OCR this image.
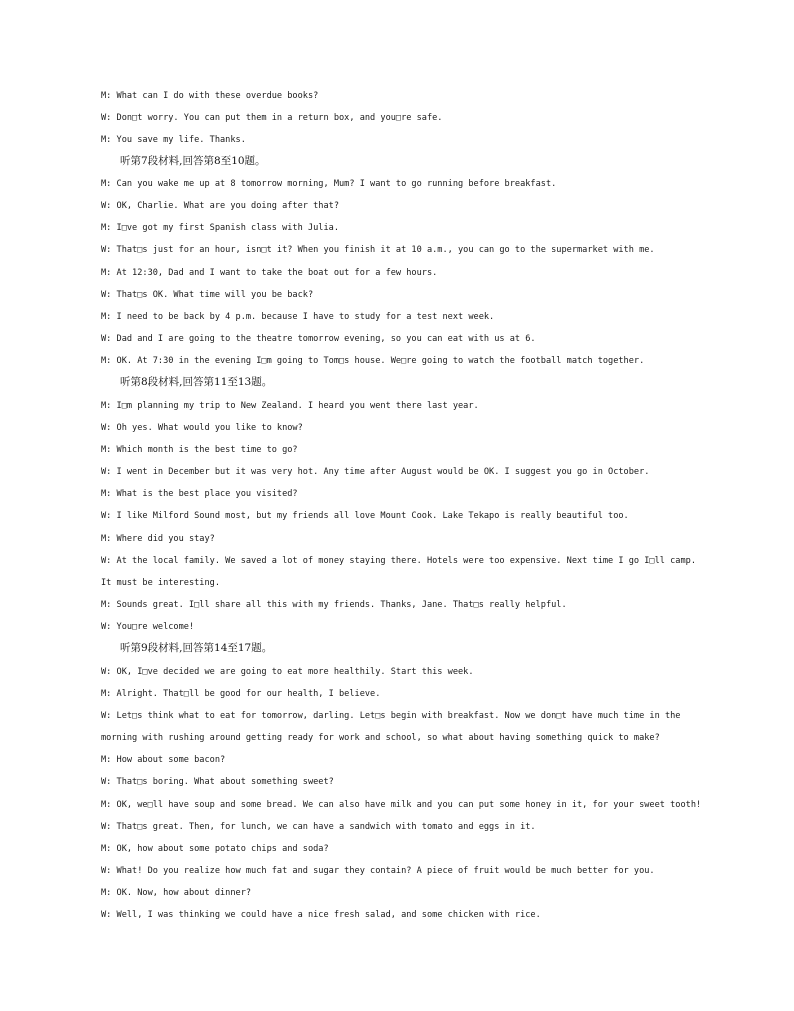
M: What can I do with these overdue books?
W: Don□t worry. You can put them in a return box, and you□re safe.
M: You save my life. Thanks.
听第7段材料,回答第8至10题。
M: Can you wake me up at 8 tomorrow morning, Mum? I want to go running before breakfast.
W: OK, Charlie. What are you doing after that?
M: I□ve got my first Spanish class with Julia.
W: That□s just for an hour, isn□t it? When you finish it at 10 a.m., you can go to the supermarket with me.
M: At 12:30, Dad and I want to take the boat out for a few hours.
W: That□s OK. What time will you be back?
M: I need to be back by 4 p.m. because I have to study for a test next week.
W: Dad and I are going to the theatre tomorrow evening, so you can eat with us at 6.
M: OK. At 7:30 in the evening I□m going to Tom□s house. We□re going to watch the football match together.
听第8段材料,回答第11至13题。
M: I□m planning my trip to New Zealand. I heard you went there last year.
W: Oh yes. What would you like to know?
M: Which month is the best time to go?
W: I went in December but it was very hot. Any time after August would be OK. I suggest you go in October.
M: What is the best place you visited?
W: I like Milford Sound most, but my friends all love Mount Cook. Lake Tekapo is really beautiful too.
M: Where did you stay?
W: At the local family. We saved a lot of money staying there. Hotels were too expensive. Next time I go I□ll camp.
It must be interesting.
M: Sounds great. I□ll share all this with my friends. Thanks, Jane. That□s really helpful.
W: You□re welcome!
听第9段材料,回答第14至17题。
W: OK, I□ve decided we are going to eat more healthily. Start this week.
M: Alright. That□ll be good for our health, I believe.
W: Let□s think what to eat for tomorrow, darling. Let□s begin with breakfast. Now we don□t have much time in the
morning with rushing around getting ready for work and school, so what about having something quick to make?
M: How about some bacon?
W: That□s boring. What about something sweet?
M: OK, we□ll have soup and some bread. We can also have milk and you can put some honey in it, for your sweet tooth!
W: That□s great. Then, for lunch, we can have a sandwich with tomato and eggs in it.
M: OK, how about some potato chips and soda?
W: What! Do you realize how much fat and sugar they contain? A piece of fruit would be much better for you.
M: OK. Now, how about dinner?
W: Well, I was thinking we could have a nice fresh salad, and some chicken with rice.
